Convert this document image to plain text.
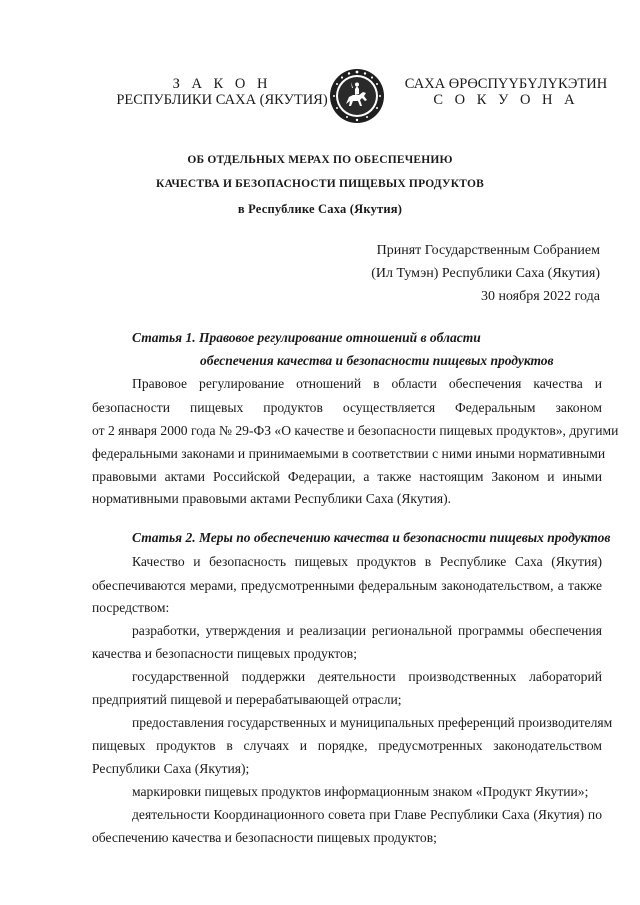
З А К О Н
РЕСПУБЛИКИ САХА (ЯКУТИЯ)
САХА ӨРӨСПҮҮБҮЛҮКЭТИН
С О К У О Н А
ОБ ОТДЕЛЬНЫХ МЕРАХ ПО ОБЕСПЕЧЕНИЮ
КАЧЕСТВА И БЕЗОПАСНОСТИ ПИЩЕВЫХ ПРОДУКТОВ
в Республике Саха (Якутия)
Принят Государственным Собранием
(Ил Тумэн) Республики Саха (Якутия)
30 ноября 2022 года
Статья 1. Правовое регулирование отношений в области
обеспечения качества и безопасности пищевых продуктов
Правовое регулирование отношений в области обеспечения качества и
безопасности пищевых продуктов осуществляется Федеральным законом
от 2 января 2000 года № 29-ФЗ «О качестве и безопасности пищевых продуктов», другими
федеральными законами и принимаемыми в соответствии с ними иными нормативными
правовыми актами Российской Федерации, а также настоящим Законом и иными
нормативными правовыми актами Республики Саха (Якутия).
Статья 2. Меры по обеспечению качества и безопасности пищевых продуктов
Качество и безопасность пищевых продуктов в Республике Саха (Якутия)
обеспечиваются мерами, предусмотренными федеральным законодательством, а также
посредством:
разработки, утверждения и реализации региональной программы обеспечения
качества и безопасности пищевых продуктов;
государственной поддержки деятельности производственных лабораторий
предприятий пищевой и перерабатывающей отрасли;
предоставления государственных и муниципальных преференций производителям
пищевых продуктов в случаях и порядке, предусмотренных законодательством
Республики Саха (Якутия);
маркировки пищевых продуктов информационным знаком «Продукт Якутии»;
деятельности Координационного совета при Главе Республики Саха (Якутия) по
обеспечению качества и безопасности пищевых продуктов;
